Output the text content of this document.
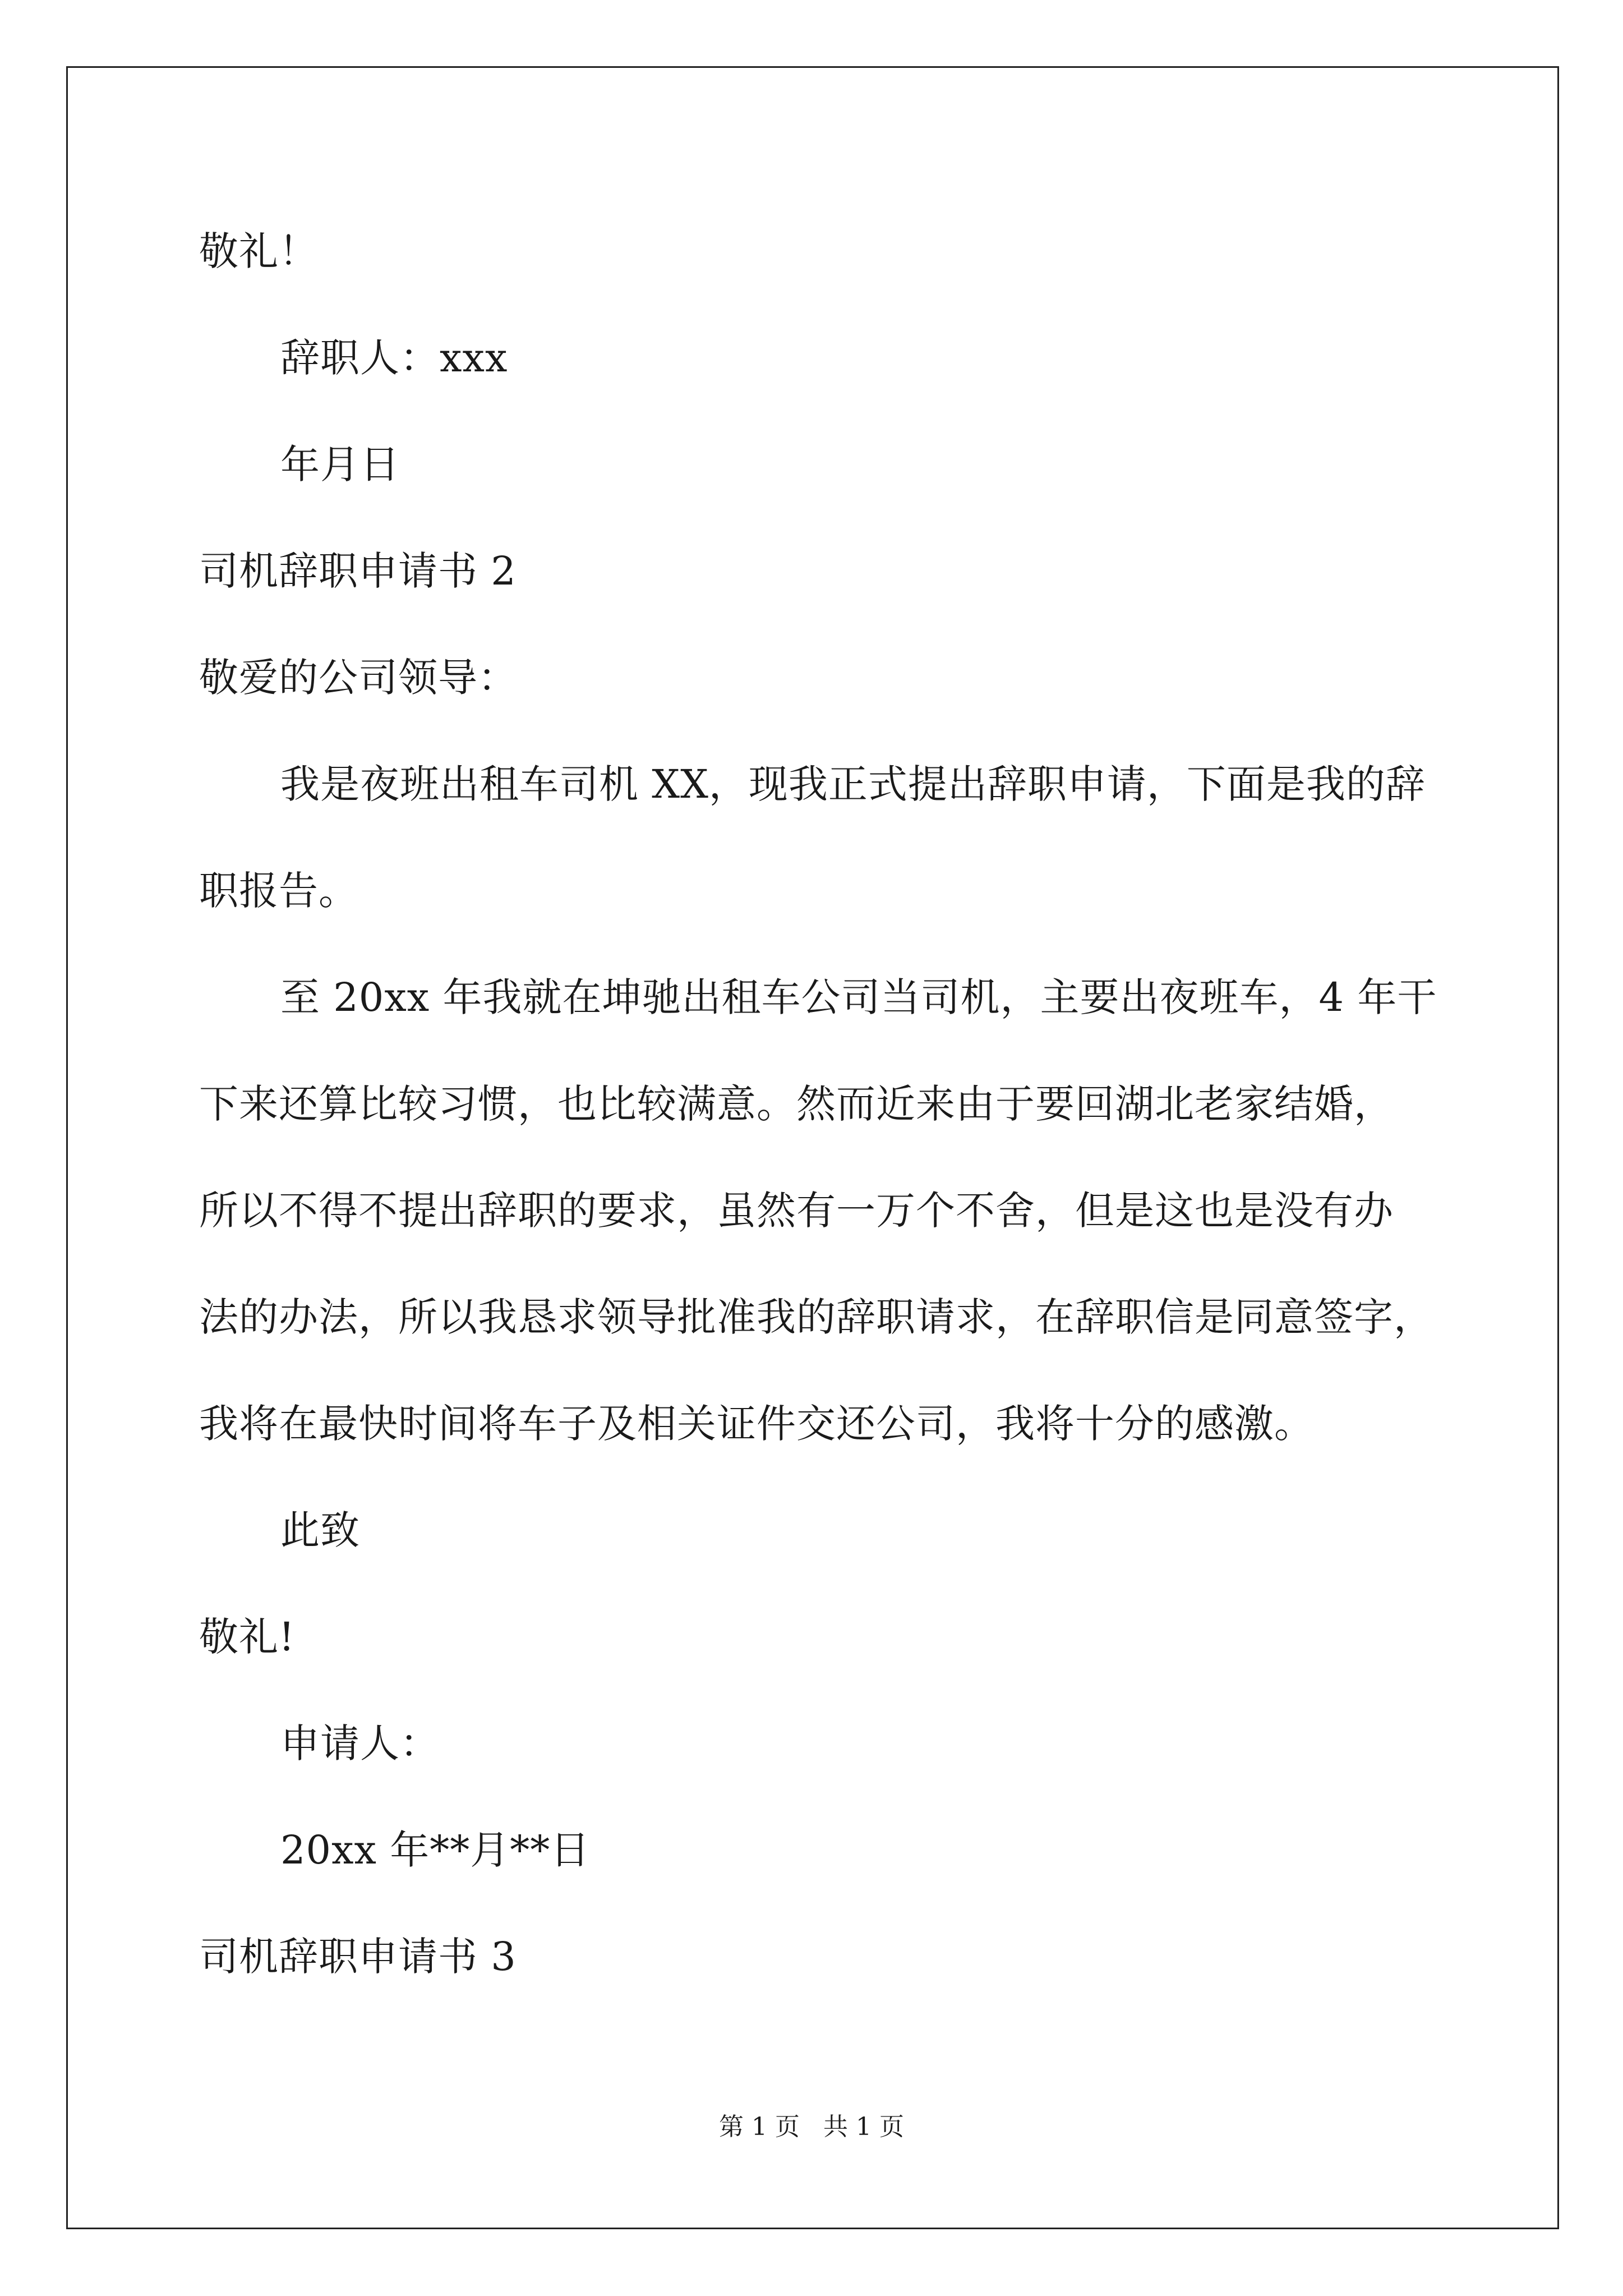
敬礼！
辞职人：xxx
年月日
司机辞职申请书 2
敬爱的公司领导：
我是夜班出租车司机 XX，现我正式提出辞职申请，下面是我的辞
职报告。
至 20xx 年我就在坤驰出租车公司当司机，主要出夜班车，4 年干
下来还算比较习惯，也比较满意。然而近来由于要回湖北老家结婚，
所以不得不提出辞职的要求，虽然有一万个不舍，但是这也是没有办
法的办法，所以我恳求领导批准我的辞职请求，在辞职信是同意签字，
我将在最快时间将车子及相关证件交还公司，我将十分的感激。
此致
敬礼!
申请人：
20xx 年**月**日
司机辞职申请书 3
第 1 页   共 1 页
